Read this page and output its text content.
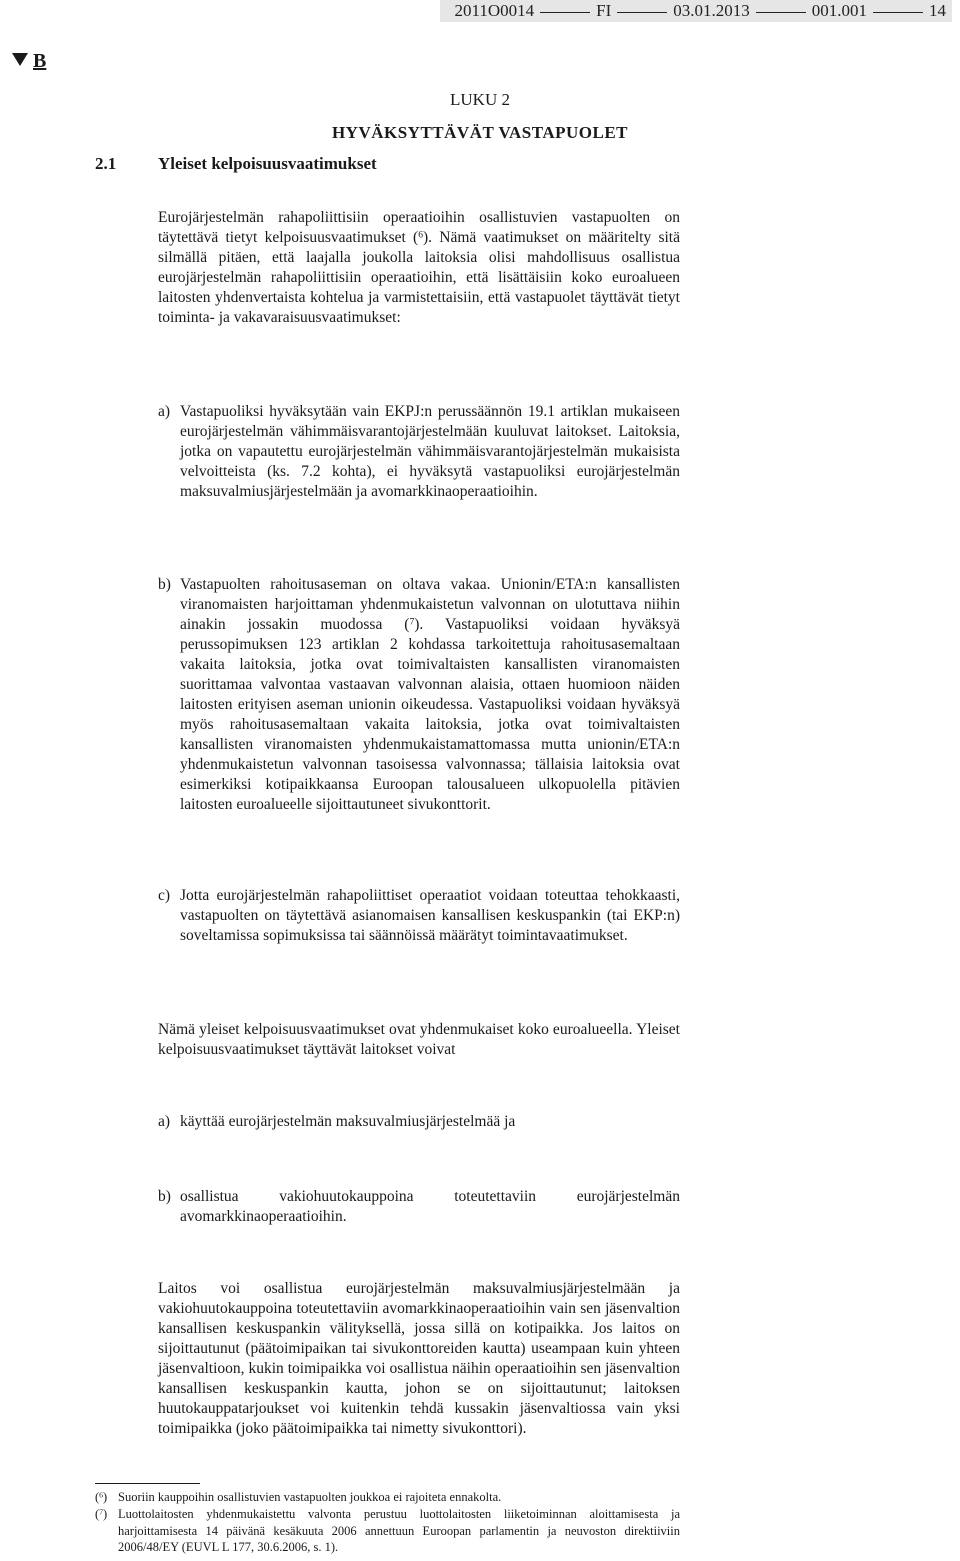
2011O0014	FI	03.01.2013	001.001	14
B
LUKU 2
HYVÄKSYTTÄVÄT VASTAPUOLET
2.1 Yleiset kelpoisuusvaatimukset

Eurojärjestelmän rahapoliittisiin operaatioihin osallistuvien vastapuolten on täytettävä tietyt kelpoisuusvaatimukset ($^6$). Nämä vaatimukset on määritelty sitä silmällä pitäen, että laajalla joukolla laitoksia olisi mahdollisuus osallistua eurojärjestelmän rahapoliittisiin operaatioihin, että lisättäisiin koko euroalueen laitosten yhdenvertaista kohtelua ja varmistettaisiin, että vastapuolet täyttävät tietyt toiminta- ja vakavaraisuusvaatimukset:

a) Vastapuoliksi hyväksytään vain EKPJ:n perussäännön 19.1 artiklan mukaiseen eurojärjestelmän vähimmäisvarantojärjestelmään kuuluvat laitokset. Laitoksia, jotka on vapautettu eurojärjestelmän vähimmäisvarantojärjestelmän mukaisista velvoitteista (ks. 7.2 kohta), ei hyväksytä vastapuoliksi eurojärjestelmän maksuvalmiusjärjestelmään ja avomarkkinaoperaatioihin.

b) Vastapuolten rahoitusaseman on oltava vakaa. Unionin/ETA:n kansallisten viranomaisten harjoittaman yhdenmukaistetun valvonnan on ulotuttava niihin ainakin jossakin muodossa ($^7$). Vastapuoliksi voidaan hyväksyä perussopimuksen 123 artiklan 2 kohdassa tarkoitettuja rahoitusasemaltaan vakaita laitoksia, jotka ovat toimivaltaisten kansallisten viranomaisten suorittamaa valvontaa vastaavan valvonnan alaisia, ottaen huomioon näiden laitosten erityisen aseman unionin oikeudessa. Vastapuoliksi voidaan hyväksyä myös rahoitusasemaltaan vakaita laitoksia, jotka ovat toimivaltaisten kansallisten viranomaisten yhdenmukaistamattomassa mutta unionin/ETA:n yhdenmukaistetun valvonnan tasoisessa valvonnassa; tällaisia laitoksia ovat esimerkiksi kotipaikkaansa Euroopan talousalueen ulkopuolella pitävien laitosten euroalueelle sijoittautuneet sivukonttorit.

c) Jotta eurojärjestelmän rahapoliittiset operaatiot voidaan toteuttaa tehokkaasti, vastapuolten on täytettävä asianomaisen kansallisen keskuspankin (tai EKP:n) soveltamissa sopimuksissa tai säännöissä määrätyt toimintavaatimukset.

Nämä yleiset kelpoisuusvaatimukset ovat yhdenmukaiset koko euroalueella. Yleiset kelpoisuusvaatimukset täyttävät laitokset voivat

a) käyttää eurojärjestelmän maksuvalmiusjärjestelmää ja

b) osallistua vakiohuutokauppoina toteutettaviin eurojärjestelmän avomarkkinaoperaatioihin.

Laitos voi osallistua eurojärjestelmän maksuvalmiusjärjestelmään ja vakiohuutokauppoina toteutettaviin avomarkkinaoperaatioihin vain sen jäsenvaltion kansallisen keskuspankin välityksellä, jossa sillä on kotipaikka. Jos laitos on sijoittautunut (päätoimipaikan tai sivukonttoreiden kautta) useampaan kuin yhteen jäsenvaltioon, kukin toimipaikka voi osallistua näihin operaatioihin sen jäsenvaltion kansallisen keskuspankin kautta, johon se on sijoittautunut; laitoksen huutokauppatarjoukset voi kuitenkin tehdä kussakin jäsenvaltiossa vain yksi toimipaikka (joko päätoimipaikka tai nimetty sivukonttori).

($^6$) Suoriin kauppoihin osallistuvien vastapuolten joukkoa ei rajoiteta ennakolta.

($^7$) Luottolaitosten yhdenmukaistettu valvonta perustuu luottolaitosten liiketoiminnan aloittamisesta ja harjoittamisesta 14 päivänä kesäkuuta 2006 annettuun Euroopan parlamentin ja neuvoston direktiiviin 2006/48/EY (EUVL L 177, 30.6.2006, s. 1).
